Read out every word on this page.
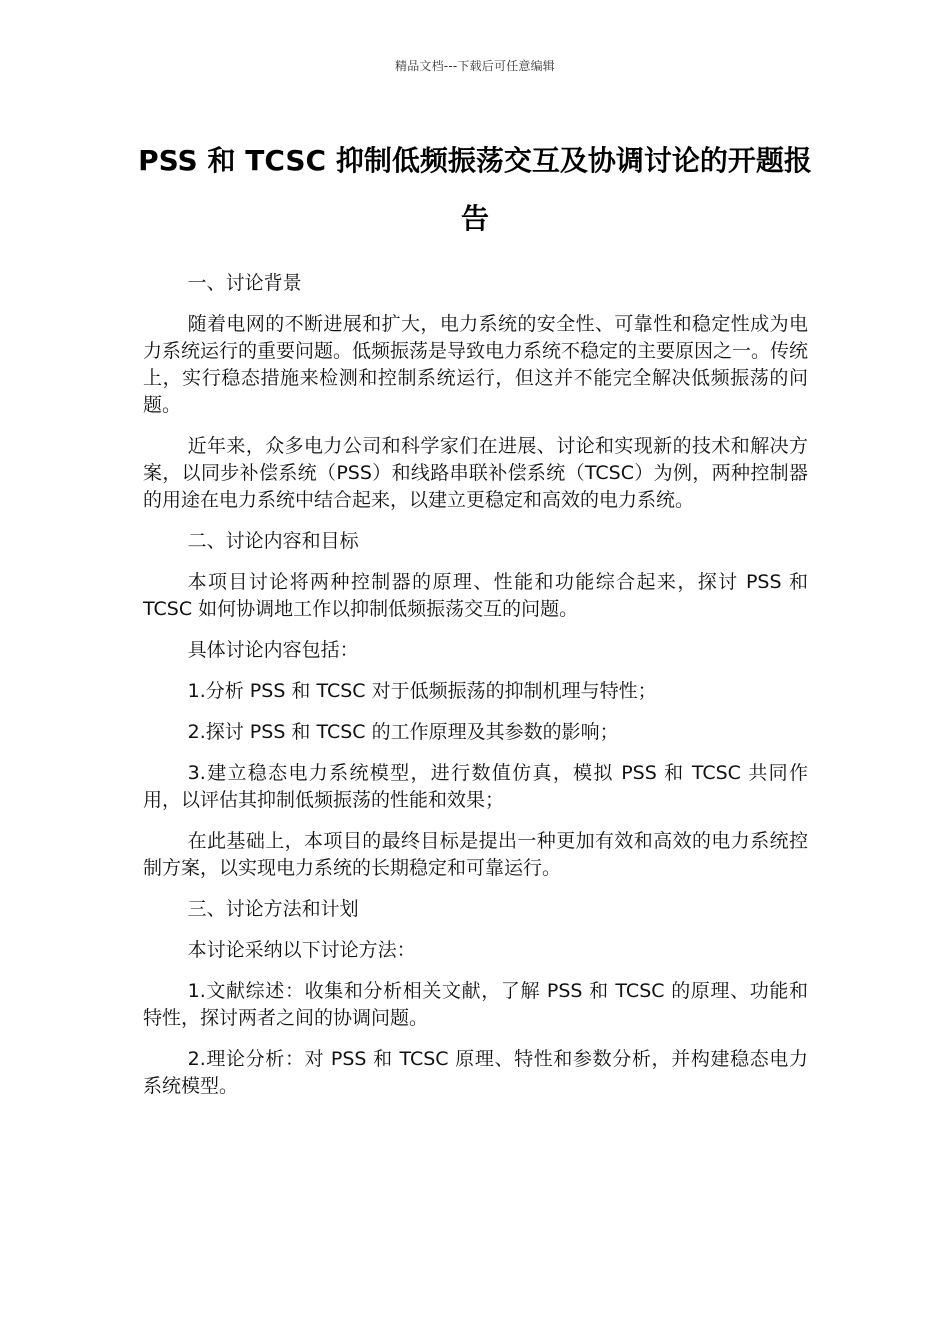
精品文档---下载后可任意编辑
PSS 和 TCSC 抑制低频振荡交互及协调讨论的开题报告

一、讨论背景

随着电网的不断进展和扩大，电力系统的安全性、可靠性和稳定性成为电力系统运行的重要问题。低频振荡是导致电力系统不稳定的主要原因之一。传统上，实行稳态措施来检测和控制系统运行，但这并不能完全解决低频振荡的问题。

近年来，众多电力公司和科学家们在进展、讨论和实现新的技术和解决方案，以同步补偿系统（PSS）和线路串联补偿系统（TCSC）为例，两种控制器的用途在电力系统中结合起来，以建立更稳定和高效的电力系统。

二、讨论内容和目标

本项目讨论将两种控制器的原理、性能和功能综合起来，探讨 PSS 和 TCSC 如何协调地工作以抑制低频振荡交互的问题。

具体讨论内容包括：

1.分析 PSS 和 TCSC 对于低频振荡的抑制机理与特性；

2.探讨 PSS 和 TCSC 的工作原理及其参数的影响；

3.建立稳态电力系统模型，进行数值仿真，模拟 PSS 和 TCSC 共同作用，以评估其抑制低频振荡的性能和效果；

在此基础上，本项目的最终目标是提出一种更加有效和高效的电力系统控制方案，以实现电力系统的长期稳定和可靠运行。

三、讨论方法和计划

本讨论采纳以下讨论方法：

1.文献综述：收集和分析相关文献，了解 PSS 和 TCSC 的原理、功能和特性，探讨两者之间的协调问题。

2.理论分析：对 PSS 和 TCSC 原理、特性和参数分析，并构建稳态电力系统模型。
